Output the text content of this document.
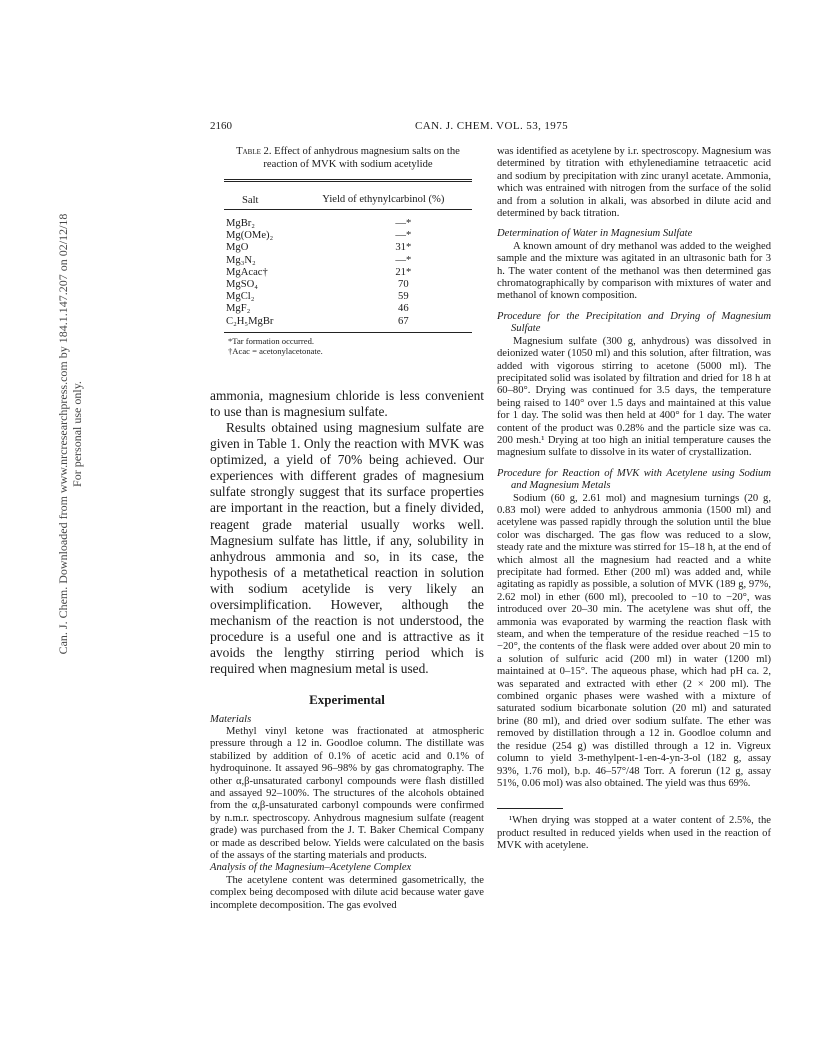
Can. J. Chem. Downloaded from www.nrcresearchpress.com by 184.1.147.207 on 02/12/18 For personal use only.
2160	CAN. J. CHEM. VOL. 53, 1975
Table 2. Effect of anhydrous magnesium salts on the reaction of MVK with sodium acetylide
Salt	Yield of ethynylcarbinol (%)
MgBr₂	—*
Mg(OMe)₂	—*
MgO	31*
Mg₃N₂	—*
MgAcac†	21*
MgSO₄	70
MgCl₂	59
MgF₂	46
C₂H₅MgBr	67
*Tar formation occurred.
†Acac = acetonylacetonate.

ammonia, magnesium chloride is less convenient to use than is magnesium sulfate.

Results obtained using magnesium sulfate are given in Table 1. Only the reaction with MVK was optimized, a yield of 70% being achieved. Our experiences with different grades of magnesium sulfate strongly suggest that its surface properties are important in the reaction, but a finely divided, reagent grade material usually works well. Magnesium sulfate has little, if any, solubility in anhydrous ammonia and so, in its case, the hypothesis of a metathetical reaction in solution with sodium acetylide is very likely an oversimplification. However, although the mechanism of the reaction is not understood, the procedure is a useful one and is attractive as it avoids the lengthy stirring period which is required when magnesium metal is used.

Experimental

Materials

Methyl vinyl ketone was fractionated at atmospheric pressure through a 12 in. Goodloe column. The distillate was stabilized by addition of 0.1% of acetic acid and 0.1% of hydroquinone. It assayed 96–98% by gas chromatography. The other α,β-unsaturated carbonyl compounds were flash distilled and assayed 92–100%. The structures of the alcohols obtained from the α,β-unsaturated carbonyl compounds were confirmed by n.m.r. spectroscopy. Anhydrous magnesium sulfate (reagent grade) was purchased from the J. T. Baker Chemical Company or made as described below. Yields were calculated on the basis of the assays of the starting materials and products.

Analysis of the Magnesium–Acetylene Complex

The acetylene content was determined gasometrically, the complex being decomposed with dilute acid because water gave incomplete decomposition. The gas evolved

was identified as acetylene by i.r. spectroscopy. Magnesium was determined by titration with ethylenediamine tetraacetic acid and sodium by precipitation with zinc uranyl acetate. Ammonia, which was entrained with nitrogen from the surface of the solid and from a solution in alkali, was absorbed in dilute acid and determined by back titration.

Determination of Water in Magnesium Sulfate

A known amount of dry methanol was added to the weighed sample and the mixture was agitated in an ultrasonic bath for 3 h. The water content of the methanol was then determined gas chromatographically by comparison with mixtures of water and methanol of known composition.

Procedure for the Precipitation and Drying of Magnesium Sulfate

Magnesium sulfate (300 g, anhydrous) was dissolved in deionized water (1050 ml) and this solution, after filtration, was added with vigorous stirring to acetone (5000 ml). The precipitated solid was isolated by filtration and dried for 18 h at 60–80°. Drying was continued for 3.5 days, the temperature being raised to 140° over 1.5 days and maintained at this value for 1 day. The solid was then held at 400° for 1 day. The water content of the product was 0.28% and the particle size was ca. 200 mesh.¹ Drying at too high an initial temperature causes the magnesium sulfate to dissolve in its water of crystallization.

Procedure for Reaction of MVK with Acetylene using Sodium and Magnesium Metals

Sodium (60 g, 2.61 mol) and magnesium turnings (20 g, 0.83 mol) were added to anhydrous ammonia (1500 ml) and acetylene was passed rapidly through the solution until the blue color was discharged. The gas flow was reduced to a slow, steady rate and the mixture was stirred for 15–18 h, at the end of which almost all the magnesium had reacted and a white precipitate had formed. Ether (200 ml) was added and, while agitating as rapidly as possible, a solution of MVK (189 g, 97%, 2.62 mol) in ether (600 ml), precooled to −10 to −20°, was introduced over 20–30 min. The acetylene was shut off, the ammonia was evaporated by warming the reaction flask with steam, and when the temperature of the residue reached −15 to −20°, the contents of the flask were added over about 20 min to a solution of sulfuric acid (200 ml) in water (1200 ml) maintained at 0–15°. The aqueous phase, which had pH ca. 2, was separated and extracted with ether (2 × 200 ml). The combined organic phases were washed with a mixture of saturated sodium bicarbonate solution (20 ml) and saturated brine (80 ml), and dried over sodium sulfate. The ether was removed by distillation through a 12 in. Goodloe column and the residue (254 g) was distilled through a 12 in. Vigreux column to yield 3-methylpent-1-en-4-yn-3-ol (182 g, assay 93%, 1.76 mol), b.p. 46–57°/48 Torr. A forerun (12 g, assay 51%, 0.06 mol) was also obtained. The yield was thus 69%.

¹When drying was stopped at a water content of 2.5%, the product resulted in reduced yields when used in the reaction of MVK with acetylene.
